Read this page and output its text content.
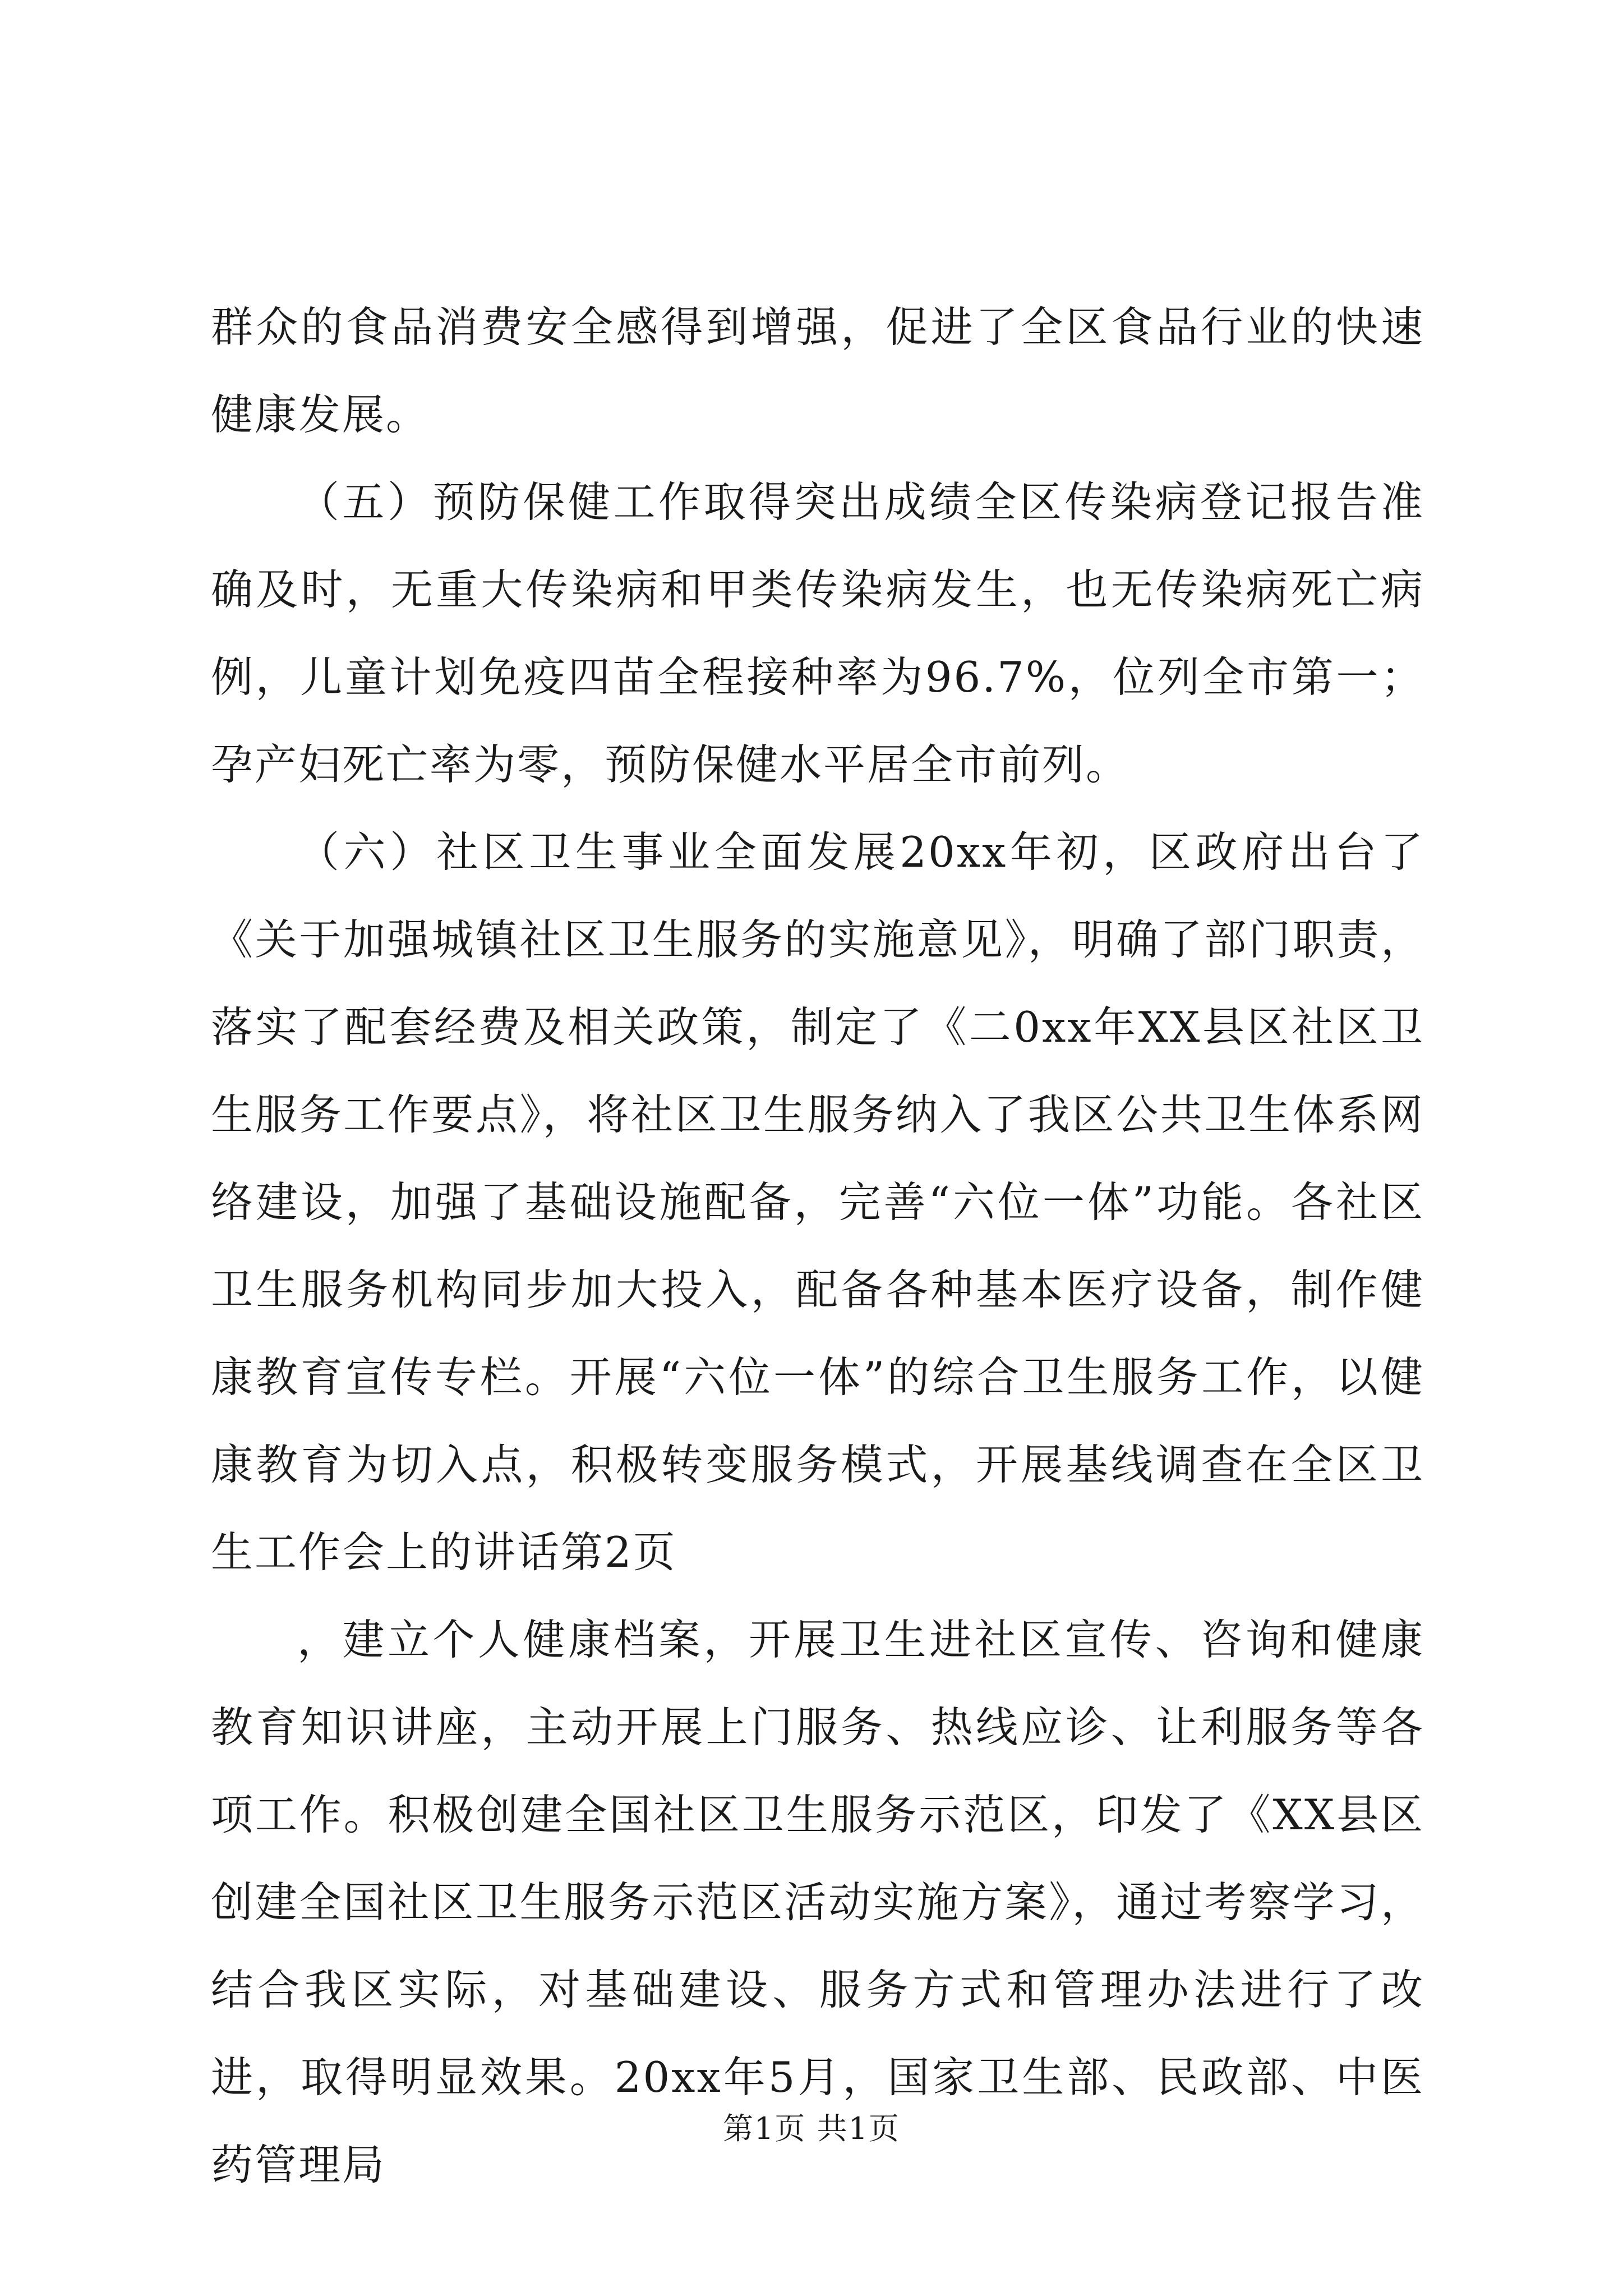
群众的食品消费安全感得到增强，促进了全区食品行业的快速健康发展。

（五）预防保健工作取得突出成绩全区传染病登记报告准确及时，无重大传染病和甲类传染病发生，也无传染病死亡病例，儿童计划免疫四苗全程接种率为96.7%，位列全市第一；孕产妇死亡率为零，预防保健水平居全市前列。

（六）社区卫生事业全面发展20xx年初，区政府出台了《关于加强城镇社区卫生服务的实施意见》，明确了部门职责，落实了配套经费及相关政策，制定了《二0xx年XX县区社区卫生服务工作要点》，将社区卫生服务纳入了我区公共卫生体系网络建设，加强了基础设施配备，完善“六位一体”功能。各社区卫生服务机构同步加大投入，配备各种基本医疗设备，制作健康教育宣传专栏。开展“六位一体”的综合卫生服务工作，以健康教育为切入点，积极转变服务模式，开展基线调查在全区卫生工作会上的讲话第2页

，建立个人健康档案，开展卫生进社区宣传、咨询和健康教育知识讲座，主动开展上门服务、热线应诊、让利服务等各项工作。积极创建全国社区卫生服务示范区，印发了《XX县区创建全国社区卫生服务示范区活动实施方案》，通过考察学习，结合我区实际，对基础建设、服务方式和管理办法进行了改进，取得明显效果。20xx年5月，国家卫生部、民政部、中医药管理局

第1页 共1页
